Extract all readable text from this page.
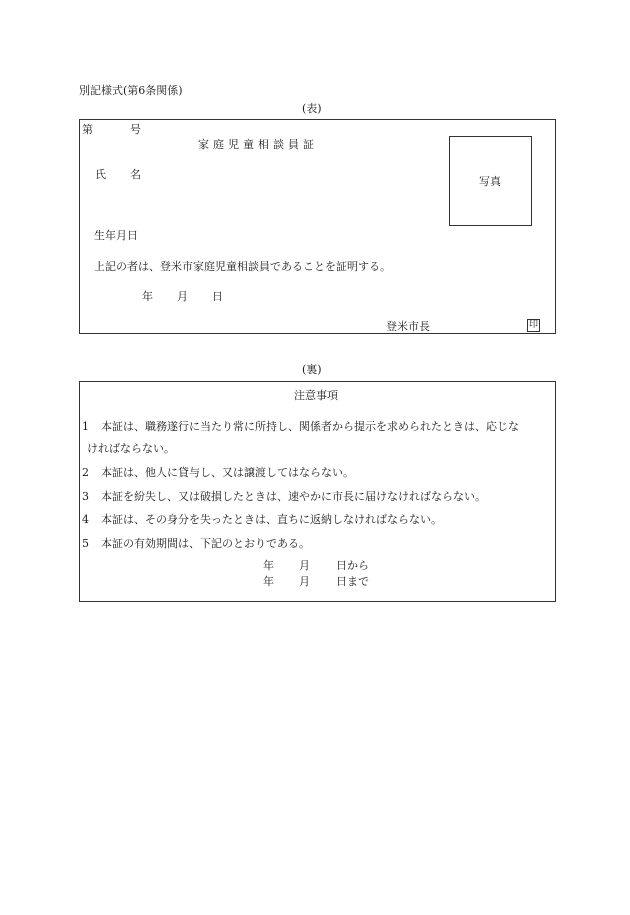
別記様式(第6条関係)
(表)
第	号
家庭児童相談員証
氏 名
写真
生年月日
上記の者は、登米市家庭児童相談員であることを証明する。
年 月 日
登米市長	印
(裏)
注意事項
1 本証は、職務遂行に当たり常に所持し、関係者から提示を求められたときは、応じな
ければならない。
2 本証は、他人に貸与し、又は譲渡してはならない。
3 本証を紛失し、又は破損したときは、速やかに市長に届けなければならない。
4 本証は、その身分を失ったときは、直ちに返納しなければならない。
5 本証の有効期間は、下記のとおりである。
年 月 日から
年 月 日まで
